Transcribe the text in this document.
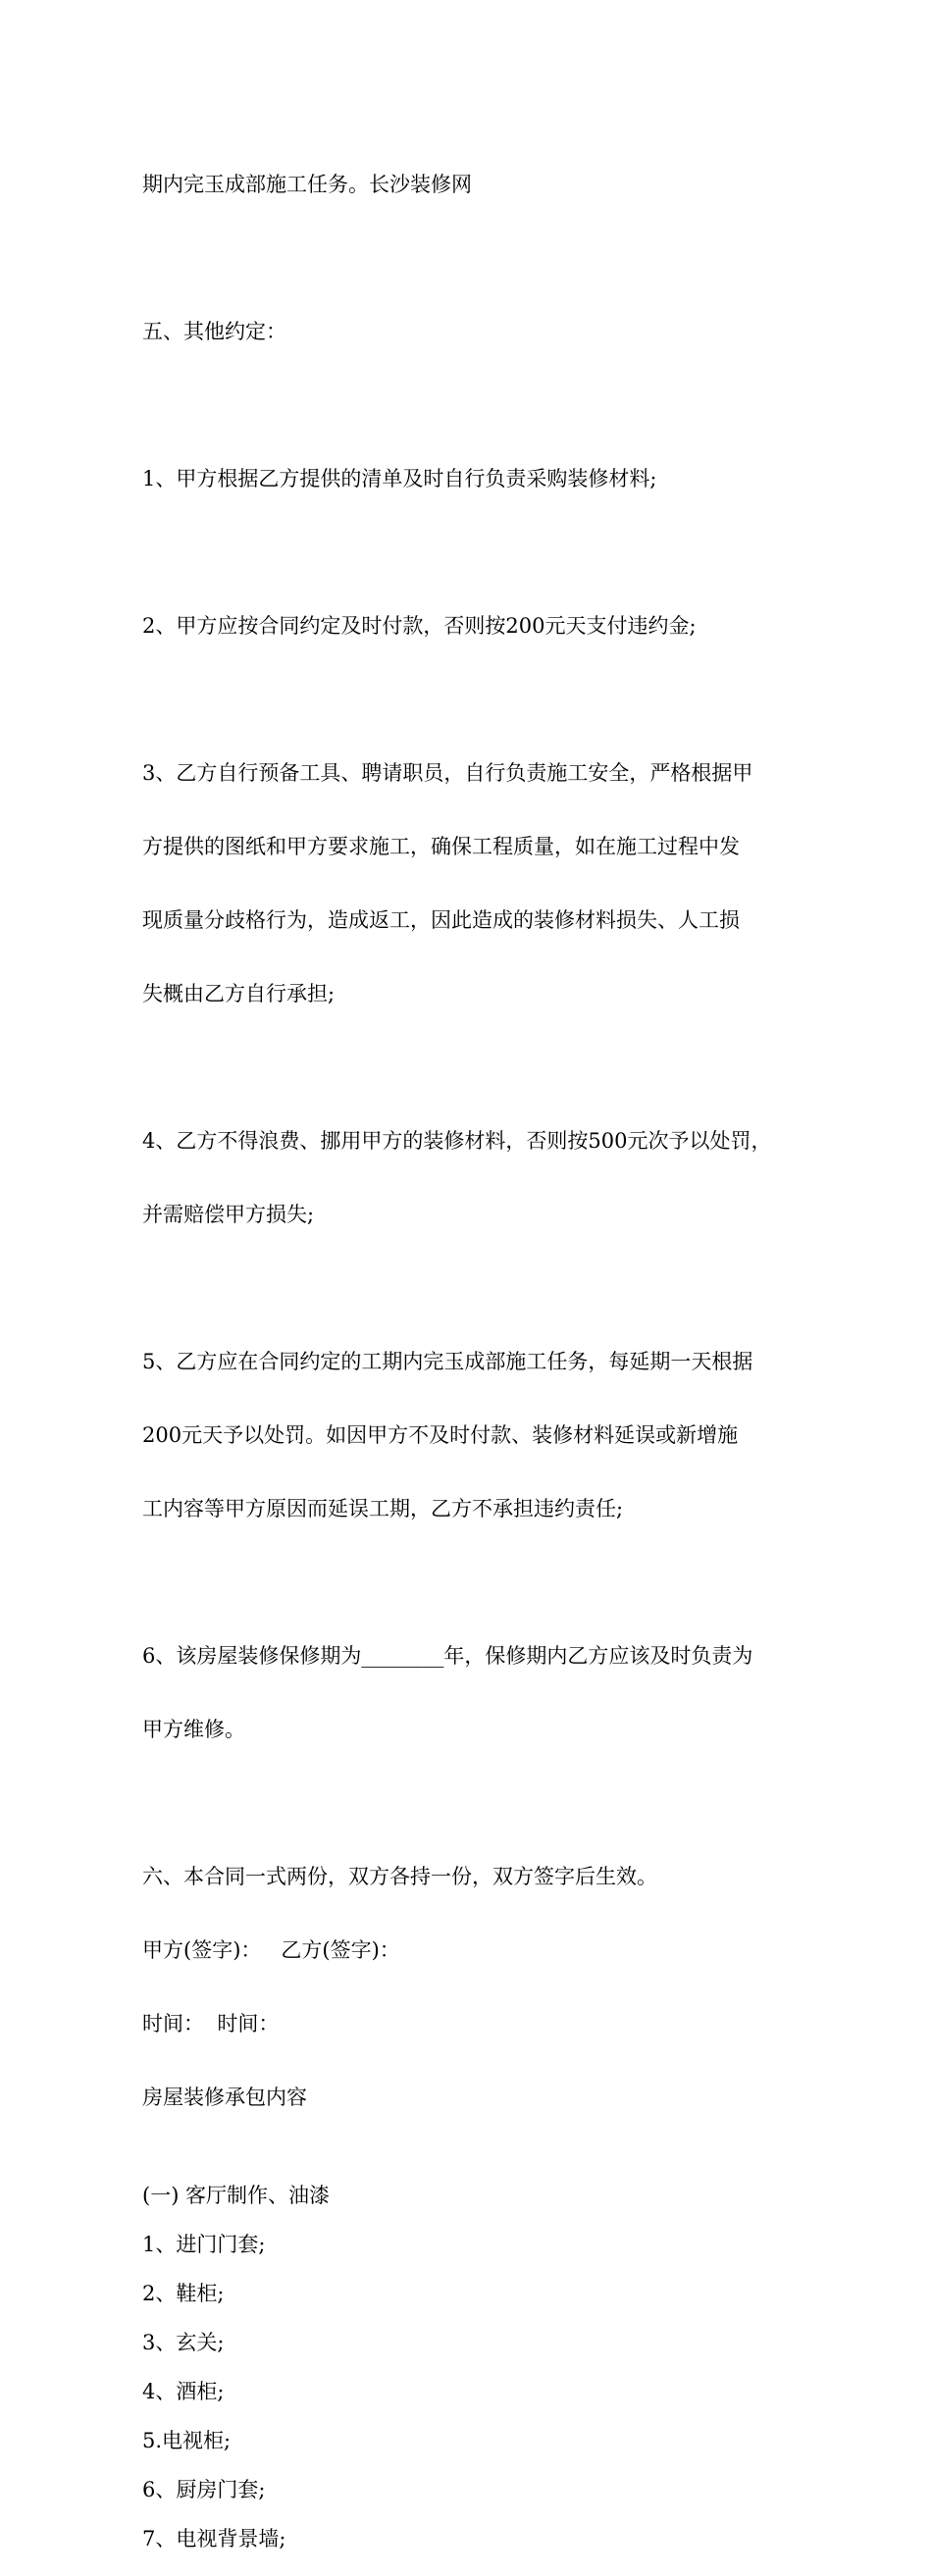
期内完玉成部施工任务。长沙装修网

五、其他约定：

1、甲方根据乙方提供的清单及时自行负责采购装修材料;

2、甲方应按合同约定及时付款，否则按200元天支付违约金;

3、乙方自行预备工具、聘请职员，自行负责施工安全，严格根据甲

方提供的图纸和甲方要求施工，确保工程质量，如在施工过程中发

现质量分歧格行为，造成返工，因此造成的装修材料损失、人工损

失概由乙方自行承担;

4、乙方不得浪费、挪用甲方的装修材料，否则按500元次予以处罚，

并需赔偿甲方损失;

5、乙方应在合同约定的工期内完玉成部施工任务，每延期一天根据

200元天予以处罚。如因甲方不及时付款、装修材料延误或新增施

工内容等甲方原因而延误工期，乙方不承担违约责任;

6、该房屋装修保修期为________年，保修期内乙方应该及时负责为

甲方维修。

六、本合同一式两份，双方各持一份，双方签字后生效。

甲方(签字)：   乙方(签字)：

时间：  时间：

房屋装修承包内容

(一) 客厅制作、油漆

1、进门门套;

2、鞋柜;

3、玄关;

4、酒柜;

5.电视柜;

6、厨房门套;

7、电视背景墙;
